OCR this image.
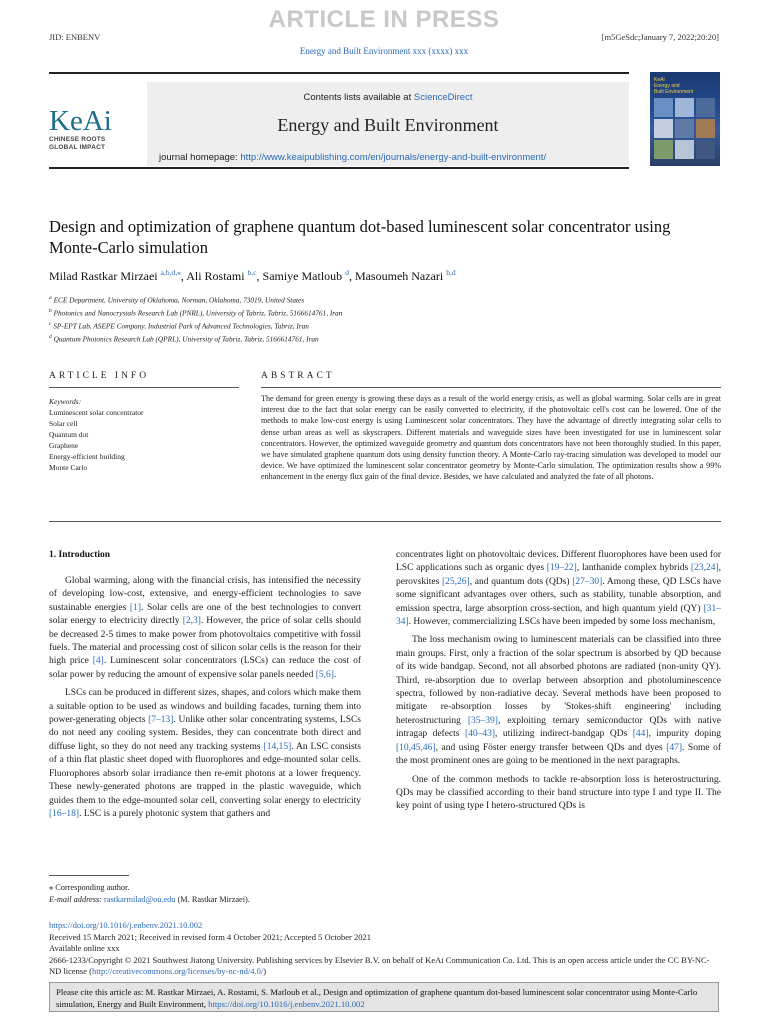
ARTICLE IN PRESS
JID: ENBENV	[m5GeSdc;January 7, 2022;20:20]
Energy and Built Environment xxx (xxxx) xxx
KeAi
CHINESE ROOTS
GLOBAL IMPACT
Contents lists available at ScienceDirect
Energy and Built Environment
journal homepage: http://www.keaipublishing.com/en/journals/energy-and-built-environment/
KeAi
Energy and
Built Environment
Design and optimization of graphene quantum dot-based luminescent solar concentrator using Monte-Carlo simulation
Milad Rastkar Mirzaei $^{a,b,d,⁎}$, Ali Rostami $^{b,c}$, Samiye Matloub $^d$, Masoumeh Nazari $^{b,d}$
$^a$ ECE Department, University of Oklahoma, Norman, Oklahoma, 73019, United States
$^b$ Photonics and Nanocrystals Research Lab (PNRL), University of Tabriz, Tabriz, 5166614761, Iran
$^c$ SP-EPT Lab, ASEPE Company, Industrial Park of Advanced Technologies, Tabriz, Iran
$^d$ Quantum Photonics Research Lab (QPRL), University of Tabriz, Tabriz, 5166614761, Iran
ARTICLE INFO	ABSTRACT
Keywords:
Luminescent solar concentrator
Solar cell
Quantum dot
Graphene
Energy-efficient building
Monte Carlo
The demand for green energy is growing these days as a result of the world energy crisis, as well as global warming. Solar cells are in great interest due to the fact that solar energy can be easily converted to electricity, if the photovoltaic cell's cost can be lowered. One of the methods to make low-cost energy is using Luminescent solar concentrators. They have the advantage of directly integrating solar cells to dense urban areas as well as skyscrapers. Different materials and waveguide sizes have been investigated for use in luminescent solar concentrators. However, the optimized waveguide geometry and quantum dots concentrators have not been thoroughly studied. In this paper, we have simulated graphene quantum dots using density function theory. A Monte-Carlo ray-tracing simulation was developed to model our device. We have optimized the luminescent solar concentrator geometry by Monte-Carlo simulation. The optimization results show a 99% enhancement in the energy flux gain of the final device. Besides, we have calculated and analyzed the fate of all photons.
1. Introduction

Global warming, along with the financial crisis, has intensified the necessity of developing low-cost, extensive, and energy-efficient technologies to save sustainable energies [1]. Solar cells are one of the best technologies to convert solar energy to electricity directly [2,3]. However, the price of solar cells should be decreased 2-5 times to make power from photovoltaics competitive with fossil fuels. The material and processing cost of silicon solar cells is the reason for their high price [4]. Luminescent solar concentrators (LSCs) can reduce the cost of solar power by reducing the amount of expensive solar panels needed [5,6].

LSCs can be produced in different sizes, shapes, and colors which make them a suitable option to be used as windows and building facades, turning them into power-generating objects [7–13]. Unlike other solar concentrating systems, LSCs do not need any cooling system. Besides, they can concentrate both direct and diffuse light, so they do not need any tracking systems [14,15]. An LSC consists of a thin flat plastic sheet doped with fluorophores and edge-mounted solar cells. Fluorophores absorb solar irradiance then re-emit photons at a lower frequency. These newly-generated photons are trapped in the plastic waveguide, which guides them to the edge-mounted solar cell, converting solar energy to electricity [16–18]. LSC is a purely photonic system that gathers and

concentrates light on photovoltaic devices. Different fluorophores have been used for LSC applications such as organic dyes [19–22], lanthanide complex hybrids [23,24], perovskites [25,26], and quantum dots (QDs) [27–30]. Among these, QD LSCs have some significant advantages over others, such as stability, tunable absorption, and emission spectra, large absorption cross-section, and high quantum yield (QY) [31–34]. However, commercializing LSCs have been impeded by some loss mechanism,

The loss mechanism owing to luminescent materials can be classified into three main groups. First, only a fraction of the solar spectrum is absorbed by QD because of its wide bandgap. Second, not all absorbed photons are radiated (non-unity QY). Third, re-absorption due to overlap between absorption and photoluminescence spectra, followed by non-radiative decay. Several methods have been proposed to mitigate re-absorption losses by 'Stokes-shift engineering' including heterostructuring [35–39], exploiting ternary semiconductor QDs with native intragap defects [40–43], utilizing indirect-bandgap QDs [44], impurity doping [10,45,46], and using Föster energy transfer between QDs and dyes [47]. Some of the most prominent ones are going to be mentioned in the next paragraphs.

One of the common methods to tackle re-absorption loss is heterostructuring. QDs may be classified according to their band structure into type I and type II. The key point of using type I hetero-structured QDs is

⁎ Corresponding author.
E-mail address: rastkarmilad@ou.edu (M. Rastkar Mirzaei).
https://doi.org/10.1016/j.enbenv.2021.10.002
Received 15 March 2021; Received in revised form 4 October 2021; Accepted 5 October 2021
Available online xxx
2666-1233/Copyright © 2021 Southwest Jiatong University. Publishing services by Elsevier B.V. on behalf of KeAi Communication Co. Ltd. This is an open access article under the CC BY-NC-ND license (http://creativecommons.org/licenses/by-nc-nd/4.0/)
Please cite this article as: M. Rastkar Mirzaei, A. Rostami, S. Matloub et al., Design and optimization of graphene quantum dot-based luminescent solar concentrator using Monte-Carlo simulation, Energy and Built Environment, https://doi.org/10.1016/j.enbenv.2021.10.002
